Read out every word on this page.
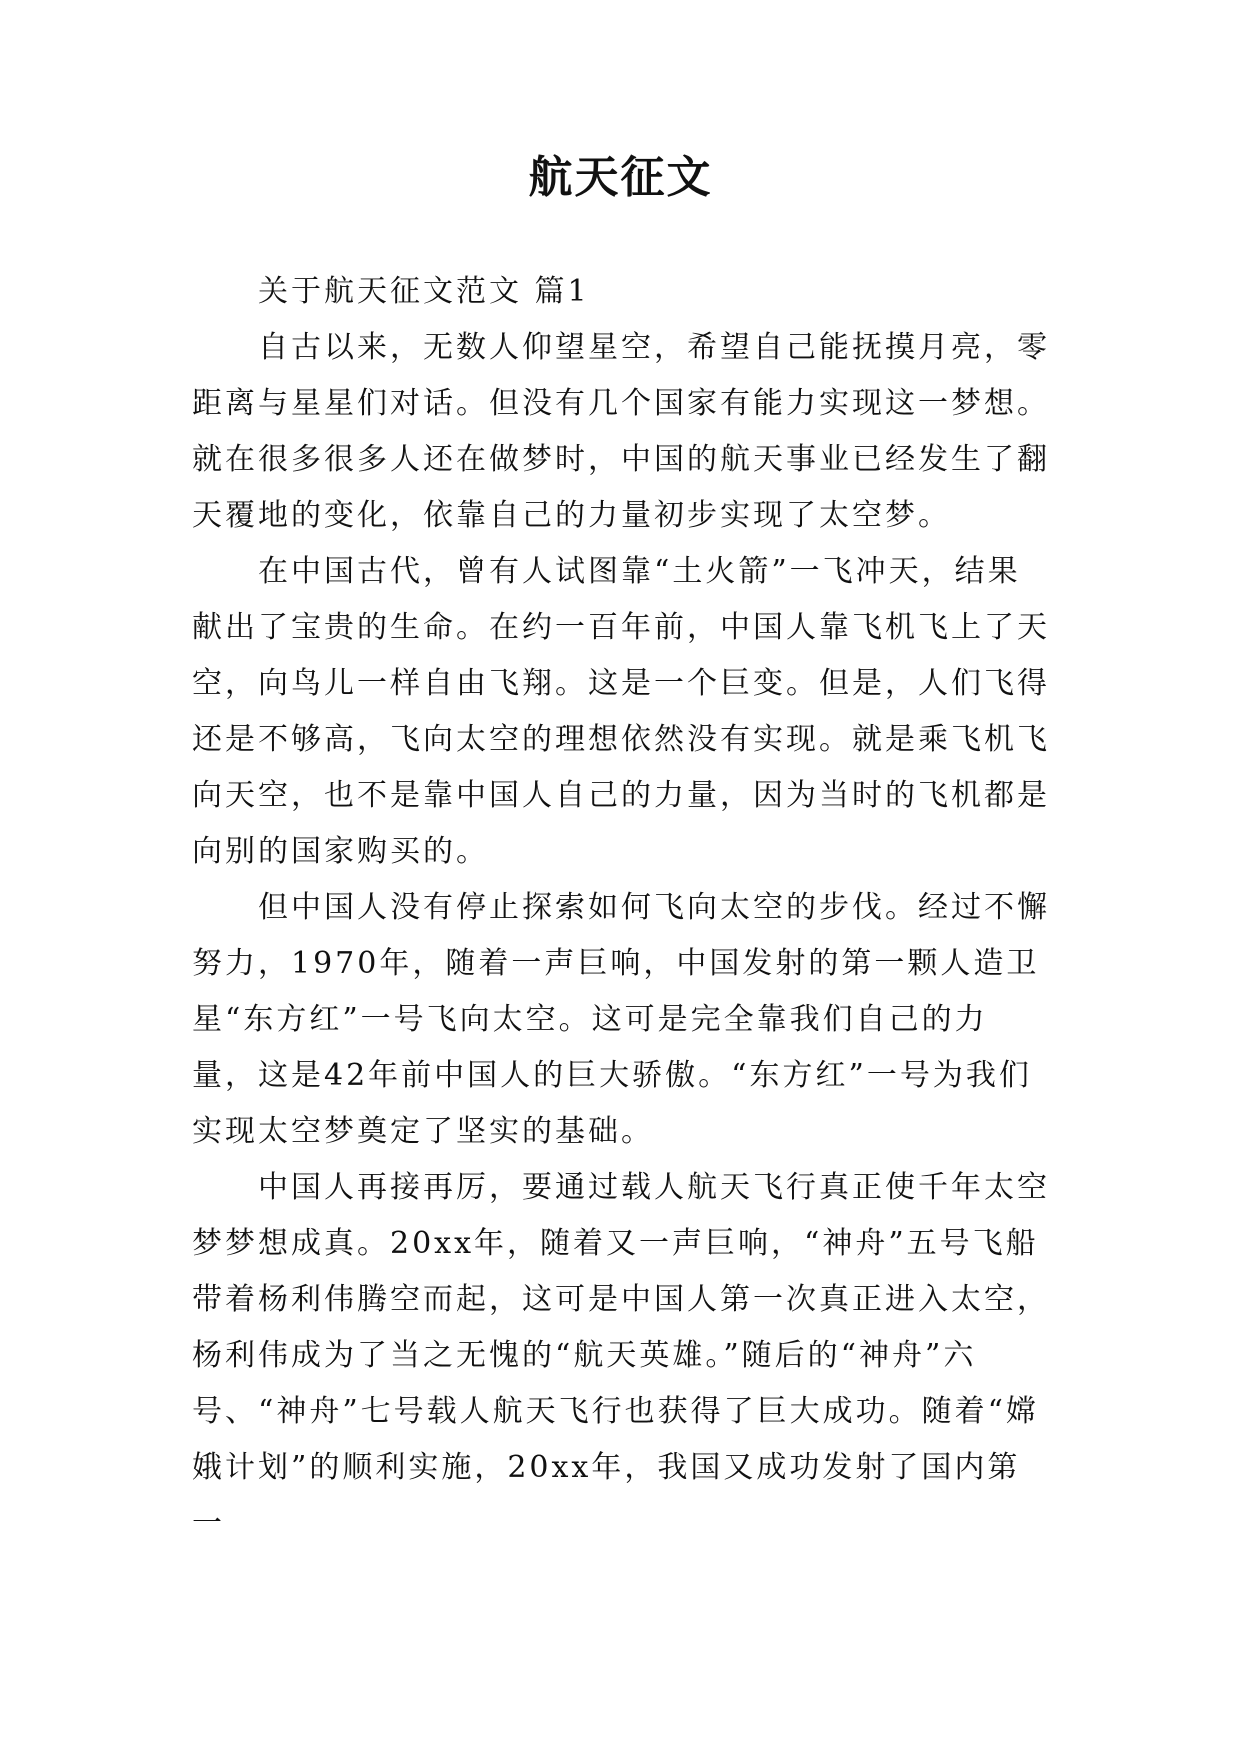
航天征文

关于航天征文范文 篇1

自古以来，无数人仰望星空，希望自己能抚摸月亮，零距离与星星们对话。但没有几个国家有能力实现这一梦想。就在很多很多人还在做梦时，中国的航天事业已经发生了翻天覆地的变化，依靠自己的力量初步实现了太空梦。

在中国古代，曾有人试图靠“土火箭”一飞冲天，结果献出了宝贵的生命。在约一百年前，中国人靠飞机飞上了天空，向鸟儿一样自由飞翔。这是一个巨变。但是，人们飞得还是不够高，飞向太空的理想依然没有实现。就是乘飞机飞向天空，也不是靠中国人自己的力量，因为当时的飞机都是向别的国家购买的。

但中国人没有停止探索如何飞向太空的步伐。经过不懈努力，1970年，随着一声巨响，中国发射的第一颗人造卫星“东方红”一号飞向太空。这可是完全靠我们自己的力量，这是42年前中国人的巨大骄傲。“东方红”一号为我们实现太空梦奠定了坚实的基础。

中国人再接再厉，要通过载人航天飞行真正使千年太空梦梦想成真。20xx年，随着又一声巨响，“神舟”五号飞船带着杨利伟腾空而起，这可是中国人第一次真正进入太空，杨利伟成为了当之无愧的“航天英雄。”随后的“神舟”六号、“神舟”七号载人航天飞行也获得了巨大成功。随着“嫦娥计划”的顺利实施，20xx年，我国又成功发射了国内第一
